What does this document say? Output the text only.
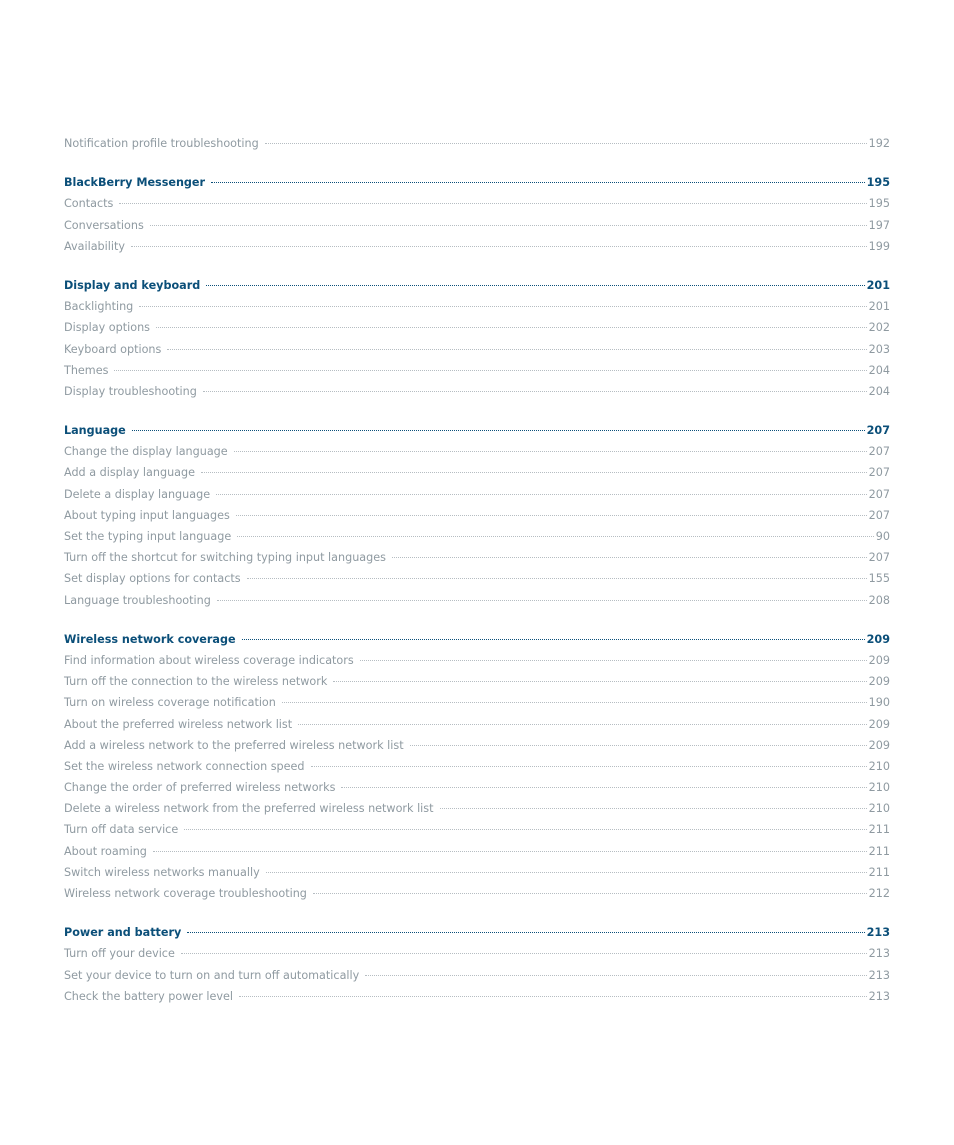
Notification profile troubleshooting	192
BlackBerry Messenger	195
Contacts	195
Conversations	197
Availability	199
Display and keyboard	201
Backlighting	201
Display options	202
Keyboard options	203
Themes	204
Display troubleshooting	204
Language	207
Change the display language	207
Add a display language	207
Delete a display language	207
About typing input languages	207
Set the typing input language	90
Turn off the shortcut for switching typing input languages	207
Set display options for contacts	155
Language troubleshooting	208
Wireless network coverage	209
Find information about wireless coverage indicators	209
Turn off the connection to the wireless network	209
Turn on wireless coverage notification	190
About the preferred wireless network list	209
Add a wireless network to the preferred wireless network list	209
Set the wireless network connection speed	210
Change the order of preferred wireless networks	210
Delete a wireless network from the preferred wireless network list	210
Turn off data service	211
About roaming	211
Switch wireless networks manually	211
Wireless network coverage troubleshooting	212
Power and battery	213
Turn off your device	213
Set your device to turn on and turn off automatically	213
Check the battery power level	213
